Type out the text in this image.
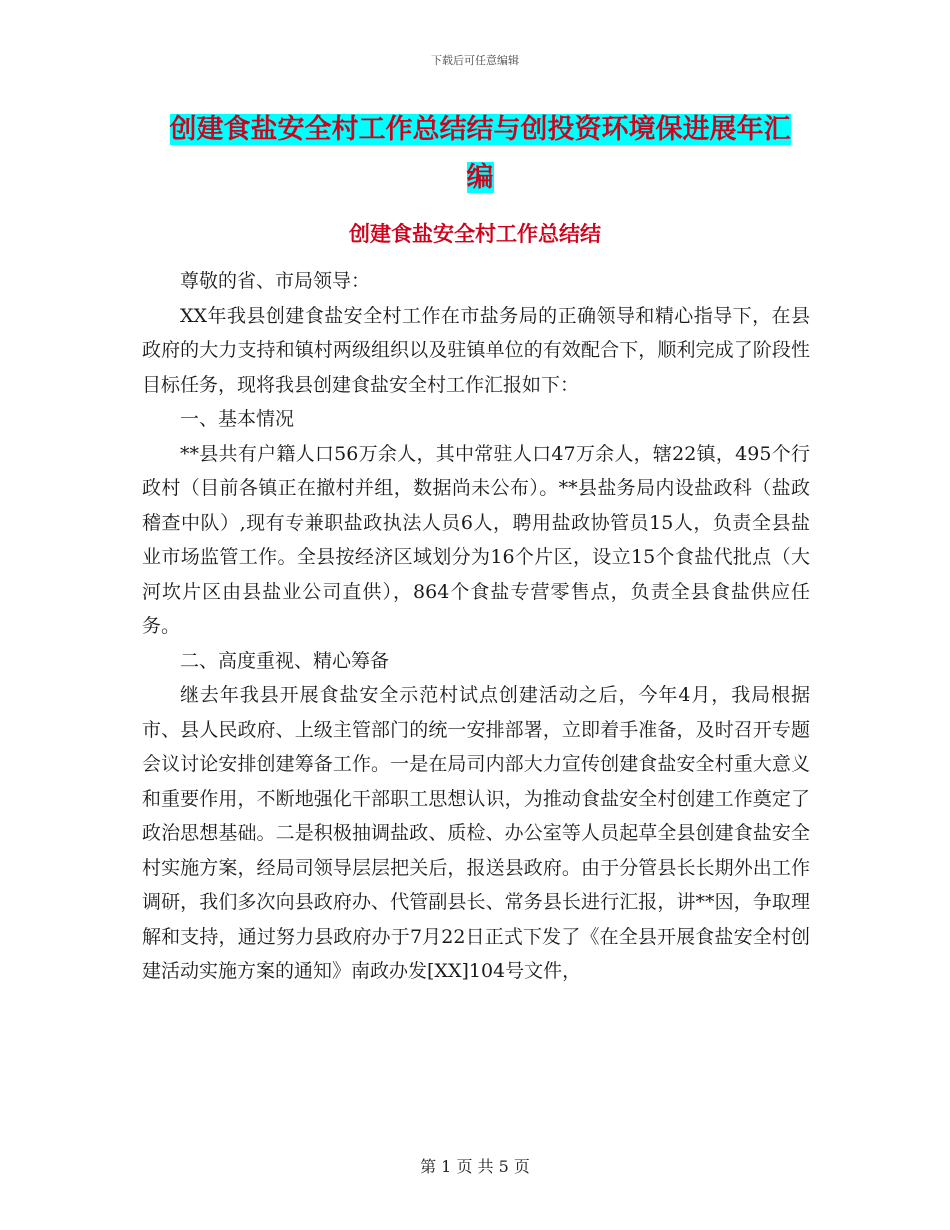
下载后可任意编辑
创建食盐安全村工作总结结与创投资环境保进展年汇
编
创建食盐安全村工作总结结

尊敬的省、市局领导：

XX年我县创建食盐安全村工作在市盐务局的正确领导和精心指导下，在县政府的大力支持和镇村两级组织以及驻镇单位的有效配合下，顺利完成了阶段性目标任务，现将我县创建食盐安全村工作汇报如下：

一、基本情况

**县共有户籍人口56万余人，其中常驻人口47万余人，辖22镇，495个行政村（目前各镇正在撤村并组，数据尚未公布）。**县盐务局内设盐政科（盐政稽查中队）,现有专兼职盐政执法人员6人，聘用盐政协管员15人，负责全县盐业市场监管工作。全县按经济区域划分为16个片区，设立15个食盐代批点（大河坎片区由县盐业公司直供），864个食盐专营零售点，负责全县食盐供应任务。

二、高度重视、精心筹备

继去年我县开展食盐安全示范村试点创建活动之后，今年4月，我局根据市、县人民政府、上级主管部门的统一安排部署，立即着手准备，及时召开专题会议讨论安排创建筹备工作。一是在局司内部大力宣传创建食盐安全村重大意义和重要作用，不断地强化干部职工思想认识，为推动食盐安全村创建工作奠定了政治思想基础。二是积极抽调盐政、质检、办公室等人员起草全县创建食盐安全村实施方案，经局司领导层层把关后，报送县政府。由于分管县长长期外出工作调研，我们多次向县政府办、代管副县长、常务县长进行汇报，讲**因，争取理解和支持，通过努力县政府办于7月22日正式下发了《在全县开展食盐安全村创建活动实施方案的通知》南政办发[XX]104号文件，

第 1 页 共 5 页
